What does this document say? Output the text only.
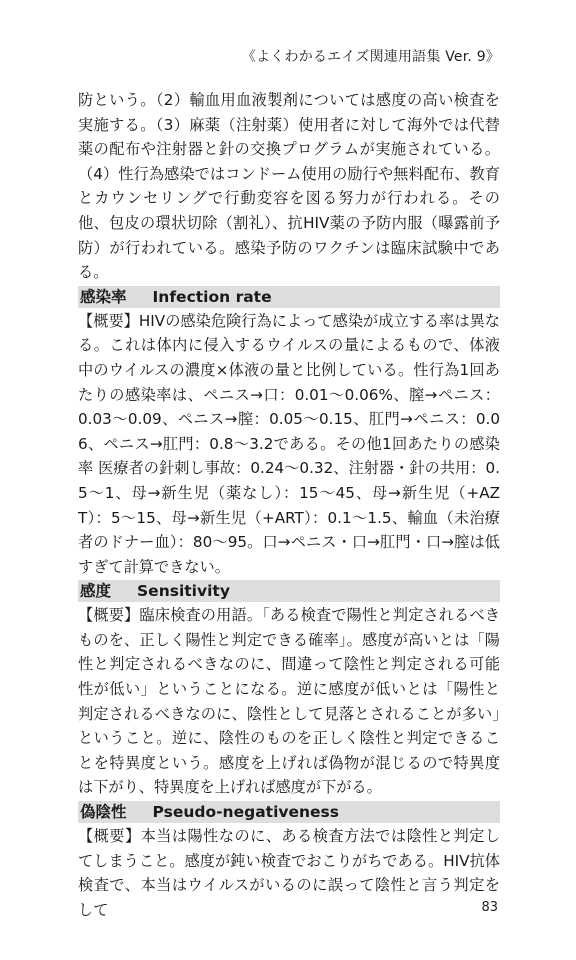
《よくわかるエイズ関連用語集 Ver. 9》

防という。（2）輸血用血液製剤については感度の高い検査を実施する。（3）麻薬（注射薬）使用者に対して海外では代替薬の配布や注射器と針の交換プログラムが実施されている。（4）性行為感染ではコンドーム使用の励行や無料配布、教育とカウンセリングで行動変容を図る努力が行われる。その他、包皮の環状切除（割礼）、抗HIV薬の予防内服（曝露前予防）が行われている。感染予防のワクチンは臨床試験中である。

感染率 Infection rate

【概要】HIVの感染危険行為によって感染が成立する率は異なる。これは体内に侵入するウイルスの量によるもので、体液中のウイルスの濃度×体液の量と比例している。性行為1回あたりの感染率は、ペニス→口：0.01〜0.06%、膣→ペニス：0.03〜0.09、ペニス→膣：0.05〜0.15、肛門→ペニス：0.06、ペニス→肛門：0.8〜3.2である。その他1回あたりの感染率 医療者の針刺し事故：0.24〜0.32、注射器・針の共用：0.5〜1、母→新生児（薬なし）：15〜45、母→新生児（+AZT）：5〜15、母→新生児（+ART）：0.1〜1.5、輸血（未治療者のドナー血）：80〜95。口→ペニス・口→肛門・口→膣は低すぎて計算できない。

感度 Sensitivity

【概要】臨床検査の用語。「ある検査で陽性と判定されるべきものを、正しく陽性と判定できる確率」。感度が高いとは「陽性と判定されるべきなのに、間違って陰性と判定される可能性が低い」ということになる。逆に感度が低いとは「陽性と判定されるべきなのに、陰性として見落とされることが多い」ということ。逆に、陰性のものを正しく陰性と判定できることを特異度という。感度を上げれば偽物が混じるので特異度は下がり、特異度を上げれば感度が下がる。

偽陰性 Pseudo-negativeness

【概要】本当は陽性なのに、ある検査方法では陰性と判定してしまうこと。感度が鈍い検査でおこりがちである。HIV抗体検査で、本当はウイルスがいるのに誤って陰性と言う判定をして	83
